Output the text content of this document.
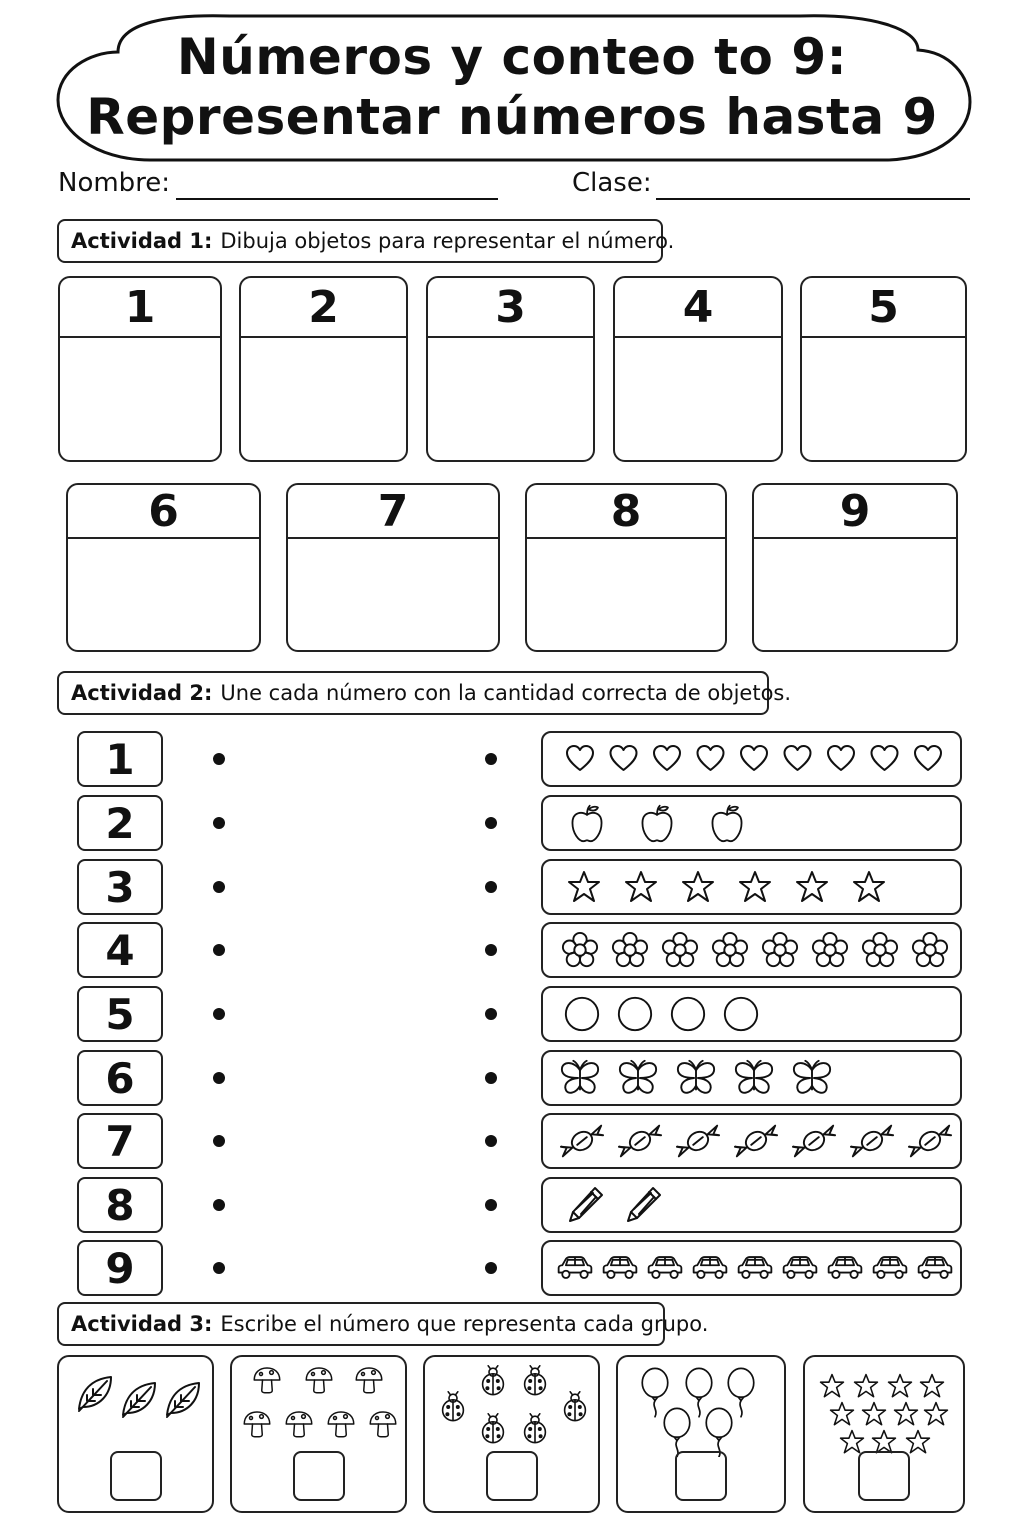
Números y conteo to 9:
Representar números hasta 9
Nombre:	Clase:
Actividad 1: Dibuja objetos para representar el número.
1	2	3	4	5
6	7	8	9
Actividad 2: Une cada número con la cantidad correcta de objetos.
1
2
3
4
5
6
7
8
9
Actividad 3: Escribe el número que representa cada grupo.
